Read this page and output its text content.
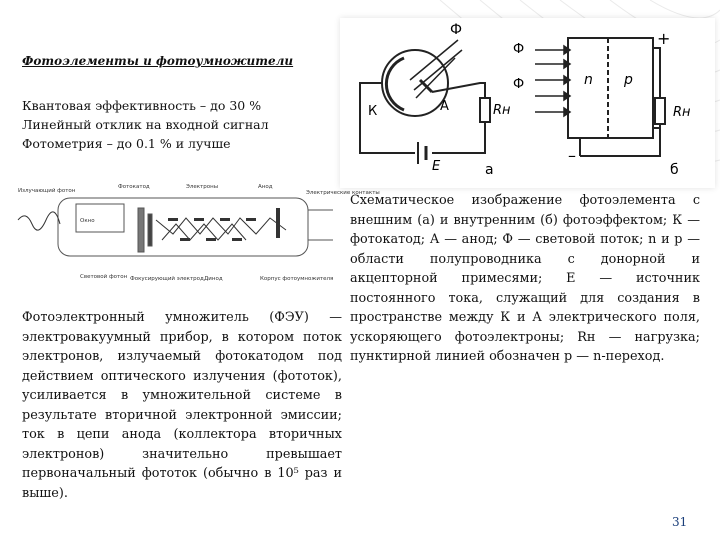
Ф
К	А	Rн
Е	а
Ф
Ф	n р
+
–
Rн
б
Фотоэлементы и фотоумножители
Квантовая эффективность – до 30 %
Линейный отклик на входной сигнал
Фотометрия – до 0.1 % и лучше
Излучающий фотон
Окно
Фотокатод	Электроны	Анод
Электрические контакты
Световой фотон Фокусирующий электрод Динод	Корпус фотоумножителя
Схематическое изображение фотоэлемента с внешним (а) и внутренним (б) фотоэффектом; К — фотокатод; А — анод; Ф — световой поток; n и р — области полупроводника с донорной и акцепторной примесями; Е — источник постоянного тока, служащий для создания в пространстве между К и А электрического поля, ускоряющего фотоэлектроны; Rн — нагрузка; пунктирной линией обозначен р — n-переход.
Фотоэлектронный умножитель (ФЭУ) — электровакуумный прибор, в котором поток электронов, излучаемый фотокатодом под действием оптического излучения (фототок), усиливается в умножительной системе в результате вторичной электронной эмиссии; ток в цепи анода (коллектора вторичных электронов) значительно превышает первоначальный фототок (обычно в 10⁵ раз и выше).
31
